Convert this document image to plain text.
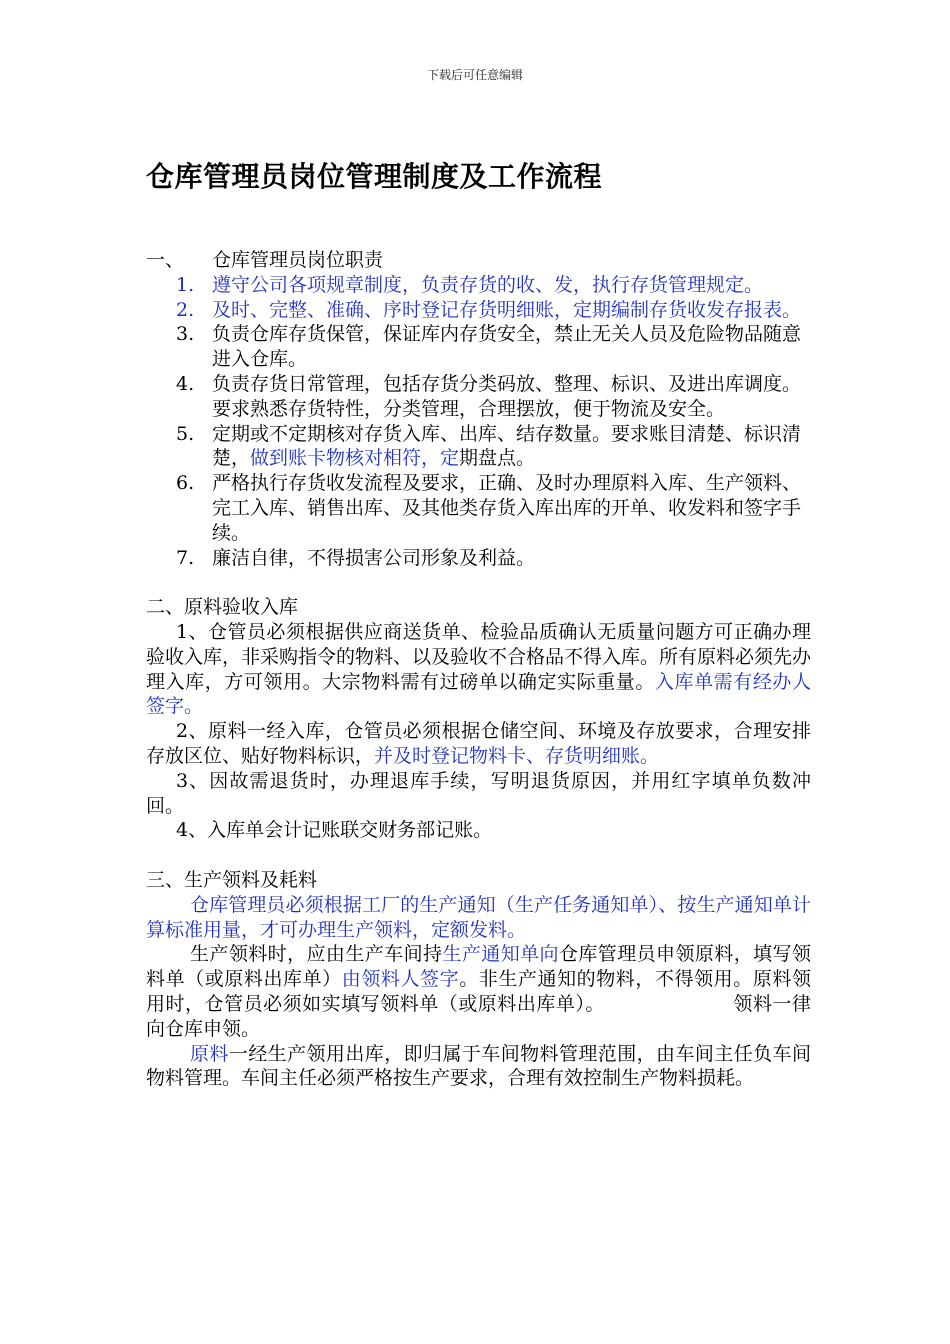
下载后可任意编辑
仓库管理员岗位管理制度及工作流程
一、	仓库管理员岗位职责
1. 遵守公司各项规章制度，负责存货的收、发，执行存货管理规定。
2. 及时、完整、准确、序时登记存货明细账，定期编制存货收发存报表。
3. 负责仓库存货保管，保证库内存货安全，禁止无关人员及危险物品随意进入仓库。
4. 负责存货日常管理，包括存货分类码放、整理、标识、及进出库调度。要求熟悉存货特性，分类管理，合理摆放，便于物流及安全。
5. 定期或不定期核对存货入库、出库、结存数量。要求账目清楚、标识清楚，做到账卡物核对相符，定期盘点。
6. 严格执行存货收发流程及要求，正确、及时办理原料入库、生产领料、完工入库、销售出库、及其他类存货入库出库的开单、收发料和签字手续。
7. 廉洁自律，不得损害公司形象及利益。

二、原料验收入库

1、仓管员必须根据供应商送货单、检验品质确认无质量问题方可正确办理验收入库，非采购指令的物料、以及验收不合格品不得入库。所有原料必须先办理入库，方可领用。大宗物料需有过磅单以确定实际重量。入库单需有经办人签字。

2、原料一经入库，仓管员必须根据仓储空间、环境及存放要求，合理安排存放区位、贴好物料标识，并及时登记物料卡、存货明细账。

3、因故需退货时，办理退库手续，写明退货原因，并用红字填单负数冲回。

4、入库单会计记账联交财务部记账。

三、生产领料及耗料

仓库管理员必须根据工厂的生产通知（生产任务通知单）、按生产通知单计算标准用量，才可办理生产领料，定额发料。

生产领料时，应由生产车间持生产通知单向仓库管理员申领原料，填写领料单（或原料出库单）由领料人签字。非生产通知的物料，不得领用。原料领用时，仓管员必须如实填写领料单（或原料出库单）。	领料一律向仓库申领。

原料一经生产领用出库，即归属于车间物料管理范围，由车间主任负车间物料管理。车间主任必须严格按生产要求，合理有效控制生产物料损耗。
